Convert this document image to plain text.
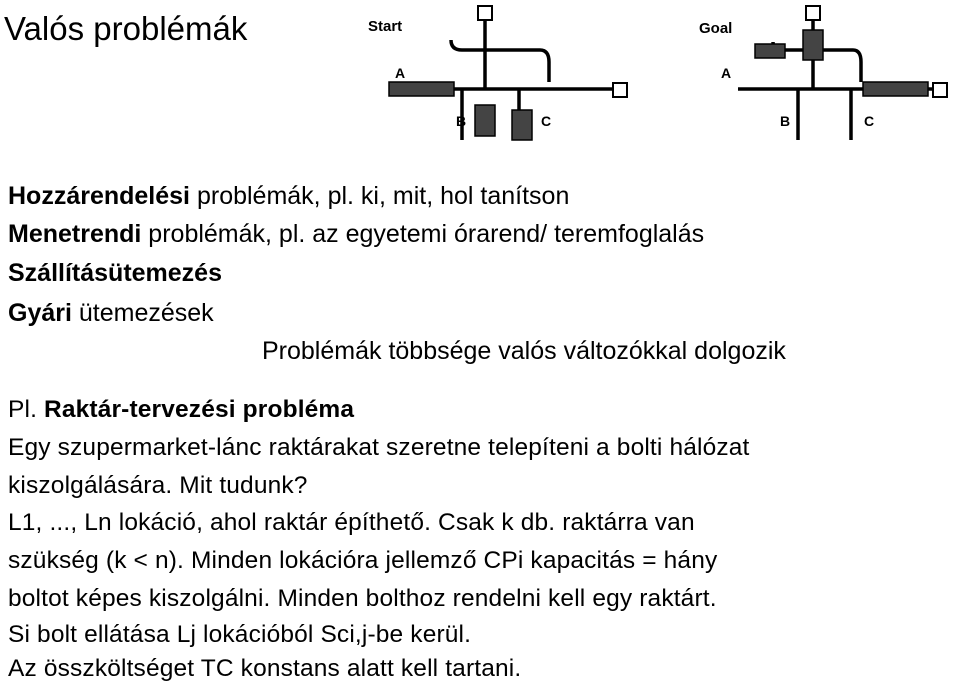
Valós problémák	Start
A
B	C
Goal
A
B	C
Hozzárendelési problémák, pl. ki, mit, hol tanítson
Menetrendi problémák, pl. az egyetemi órarend/ teremfoglalás
Szállításütemezés
Gyári ütemezések
Problémák többsége valós változókkal dolgozik
Pl. Raktár-tervezési probléma
Egy szupermarket-lánc raktárakat szeretne telepíteni a bolti hálózat
kiszolgálására. Mit tudunk?
L1, ..., Ln lokáció, ahol raktár építhető. Csak k db. raktárra van
szükség (k < n). Minden lokációra jellemző CPi kapacitás = hány
boltot képes kiszolgálni. Minden bolthoz rendelni kell egy raktárt.
Si bolt ellátása Lj lokációból Sci,j-be kerül.
Az összköltséget TC konstans alatt kell tartani.
